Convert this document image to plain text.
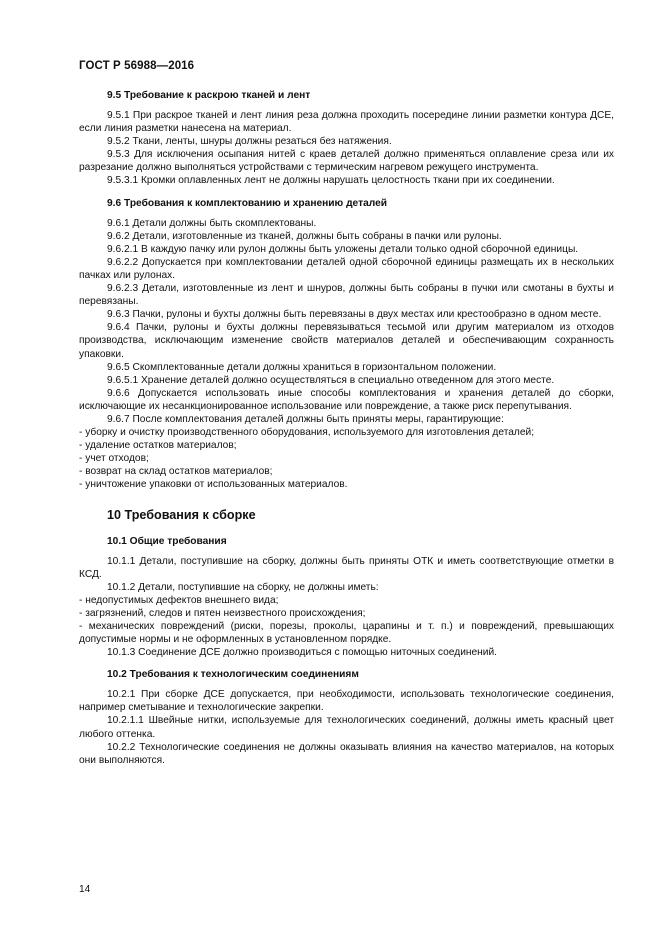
ГОСТ Р 56988—2016
9.5 Требование к раскрою тканей и лент

9.5.1 При раскрое тканей и лент линия реза должна проходить посередине линии разметки контура ДСЕ, если линия разметки нанесена на материал.

9.5.2 Ткани, ленты, шнуры должны резаться без натяжения.

9.5.3 Для исключения осыпания нитей с краев деталей должно применяться оплавление среза или их разрезание должно выполняться устройствами с термическим нагревом режущего инструмента.

9.5.3.1 Кромки оплавленных лент не должны нарушать целостность ткани при их соединении.

9.6 Требования к комплектованию и хранению деталей

9.6.1 Детали должны быть скомплектованы.

9.6.2 Детали, изготовленные из тканей, должны быть собраны в пачки или рулоны.

9.6.2.1 В каждую пачку или рулон должны быть уложены детали только одной сборочной единицы.

9.6.2.2 Допускается при комплектовании деталей одной сборочной единицы размещать их в нескольких пачках или рулонах.

9.6.2.3 Детали, изготовленные из лент и шнуров, должны быть собраны в пучки или смотаны в бухты и перевязаны.

9.6.3 Пачки, рулоны и бухты должны быть перевязаны в двух местах или крестообразно в одном месте.

9.6.4 Пачки, рулоны и бухты должны перевязываться тесьмой или другим материалом из отходов производства, исключающим изменение свойств материалов деталей и обеспечивающим сохранность упаковки.

9.6.5 Скомплектованные детали должны храниться в горизонтальном положении.

9.6.5.1 Хранение деталей должно осуществляться в специально отведенном для этого месте.

9.6.6 Допускается использовать иные способы комплектования и хранения деталей до сборки, исключающие их несанкционированное использование или повреждение, а также риск перепутывания.

9.6.7 После комплектования деталей должны быть приняты меры, гарантирующие:

- уборку и очистку производственного оборудования, используемого для изготовления деталей;

- удаление остатков материалов;

- учет отходов;

- возврат на склад остатков материалов;

- уничтожение упаковки от использованных материалов.

10 Требования к сборке
10.1 Общие требования

10.1.1 Детали, поступившие на сборку, должны быть приняты ОТК и иметь соответствующие отметки в КСД.

10.1.2 Детали, поступившие на сборку, не должны иметь:

- недопустимых дефектов внешнего вида;

- загрязнений, следов и пятен неизвестного происхождения;

- механических повреждений (риски, порезы, проколы, царапины и т. п.) и повреждений, превышающих допустимые нормы и не оформленных в установленном порядке.

10.1.3 Соединение ДСЕ должно производиться с помощью ниточных соединений.

10.2 Требования к технологическим соединениям

10.2.1 При сборке ДСЕ допускается, при необходимости, использовать технологические соединения, например сметывание и технологические закрепки.

10.2.1.1 Швейные нитки, используемые для технологических соединений, должны иметь красный цвет любого оттенка.

10.2.2 Технологические соединения не должны оказывать влияния на качество материалов, на которых они выполняются.

14
